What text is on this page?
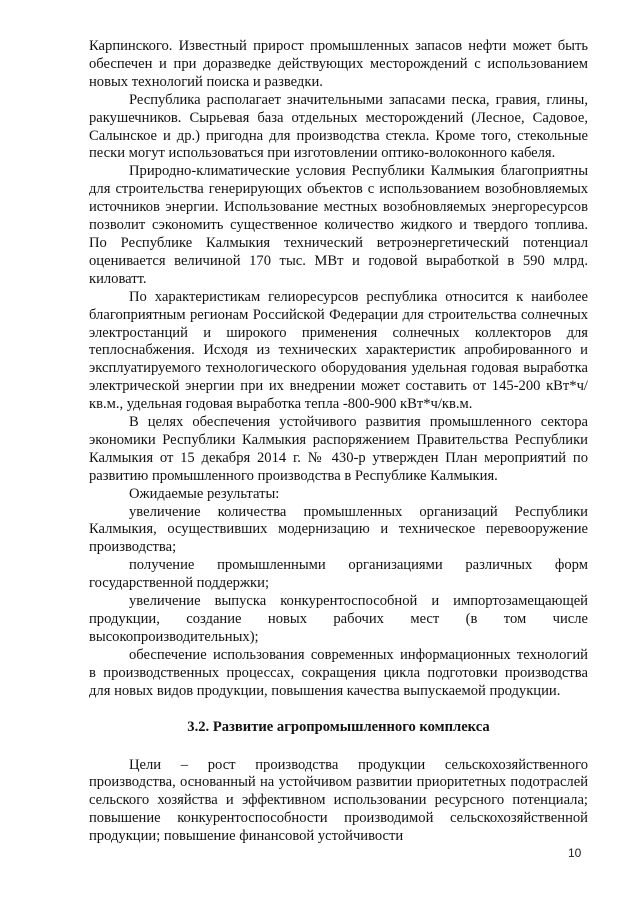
Карпинского. Известный прирост промышленных запасов нефти может быть обеспечен и при доразведке действующих месторождений с использованием новых технологий поиска и разведки.

Республика располагает значительными запасами песка, гравия, глины, ракушечников. Сырьевая база отдельных месторождений (Лесное, Садовое, Салынское и др.) пригодна для производства стекла. Кроме того, стекольные пески могут использоваться при изготовлении оптико-волоконного кабеля.

Природно-климатические условия Республики Калмыкия благоприятны для строительства генерирующих объектов с использованием возобновляемых источников энергии. Использование местных возобновляемых энергоресурсов позволит сэкономить существенное количество жидкого и твердого топлива. По Республике Калмыкия технический ветроэнергетический потенциал оценивается величиной 170 тыс. МВт и годовой выработкой в 590 млрд. киловатт.

По характеристикам гелиоресурсов республика относится к наиболее благоприятным регионам Российской Федерации для строительства солнечных электростанций и широкого применения солнечных коллекторов для теплоснабжения. Исходя из технических характеристик апробированного и эксплуатируемого технологического оборудования удельная годовая выработка электрической энергии при их внедрении может составить от 145-200 кВт*ч/кв.м., удельная годовая выработка тепла -800-900 кВт*ч/кв.м.

В целях обеспечения устойчивого развития промышленного сектора экономики Республики Калмыкия распоряжением Правительства Республики Калмыкия от 15 декабря 2014 г. № 430-р утвержден План мероприятий по развитию промышленного производства в Республике Калмыкия.

Ожидаемые результаты:

увеличение количества промышленных организаций Республики Калмыкия, осуществивших модернизацию и техническое перевооружение производства;

получение промышленными организациями различных форм государственной поддержки;

увеличение выпуска конкурентоспособной и импортозамещающей продукции, создание новых рабочих мест (в том числе высокопроизводительных);

обеспечение использования современных информационных технологий в производственных процессах, сокращения цикла подготовки производства для новых видов продукции, повышения качества выпускаемой продукции.

3.2. Развитие агропромышленного комплекса

Цели – рост производства продукции сельскохозяйственного производства, основанный на устойчивом развитии приоритетных подотраслей сельского хозяйства и эффективном использовании ресурсного потенциала; повышение конкурентоспособности производимой сельскохозяйственной продукции; повышение финансовой устойчивости

10
